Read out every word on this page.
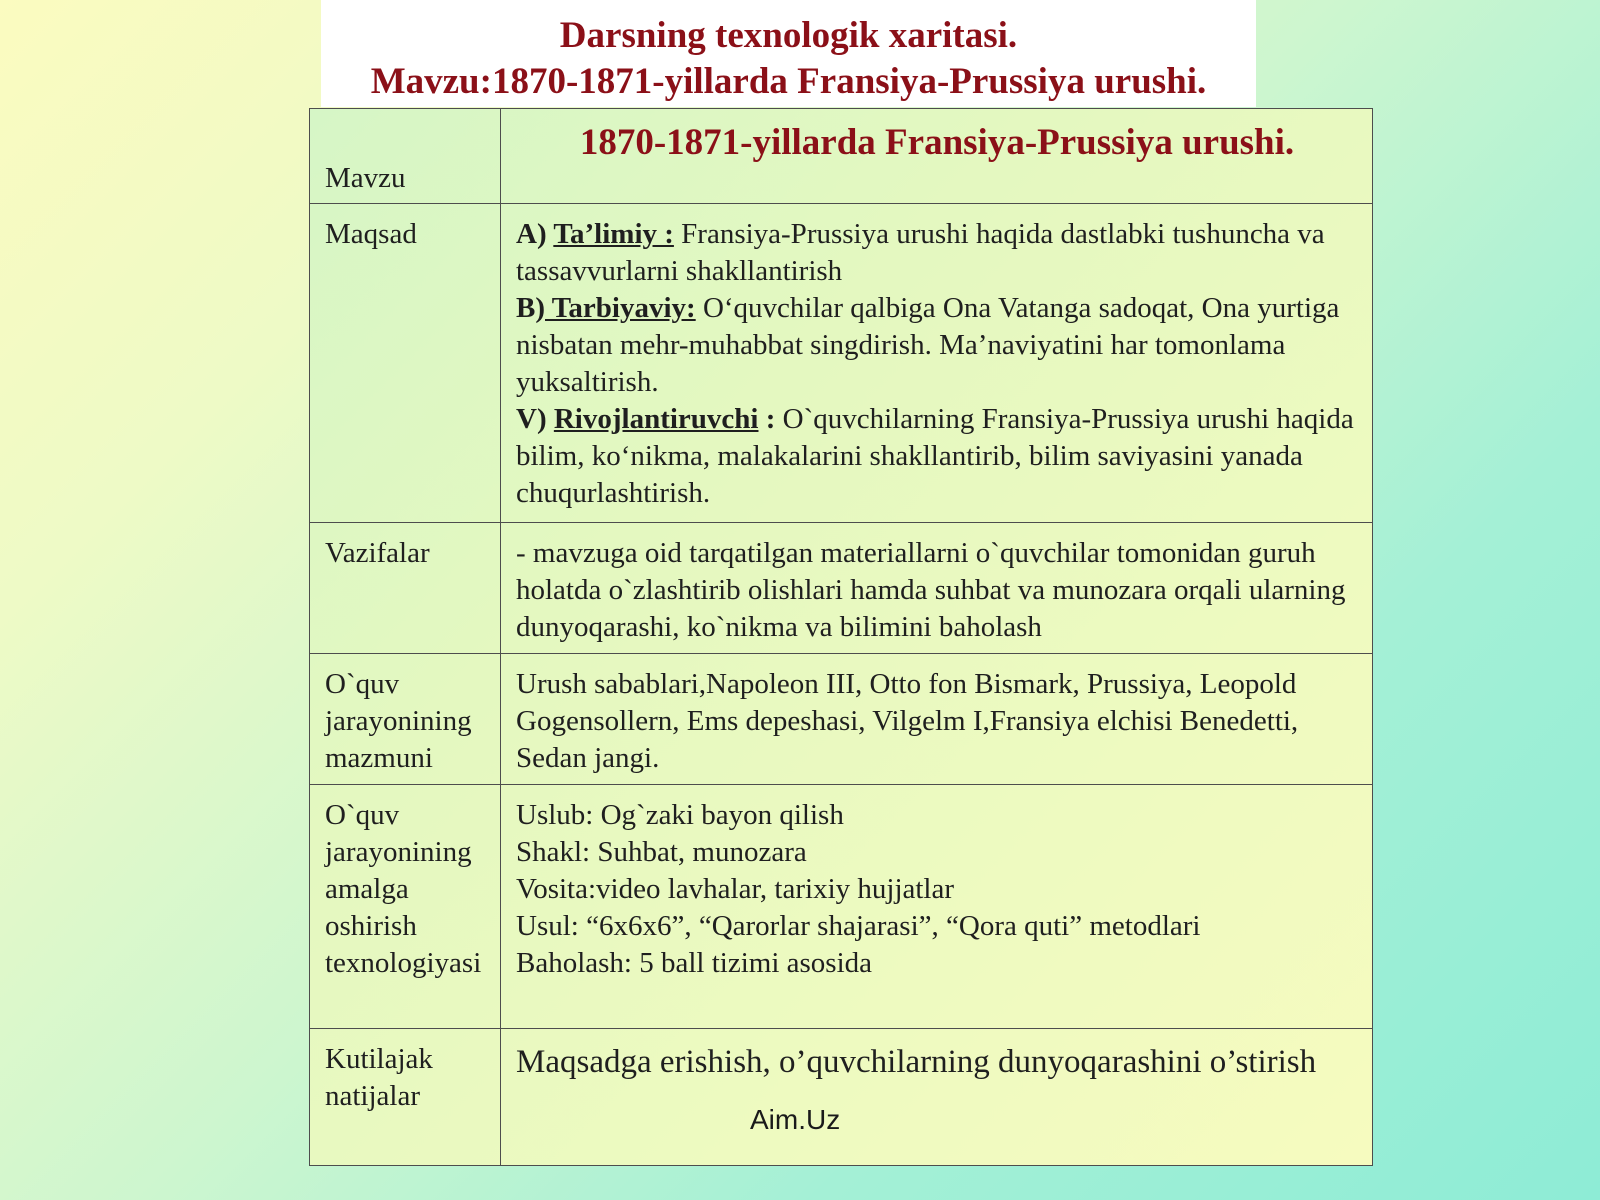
Darsning texnologik xaritasi.
Mavzu:1870-1871-yillarda Fransiya-Prussiya urushi.
Mavzu	1870-1871-yillarda Fransiya-Prussiya urushi.
Maqsad	A) Taʼlimiy : Fransiya-Prussiya urushi haqida dastlabki tushuncha va tassavvurlarni shakllantirish
B) Tarbiyaviy: Oʻquvchilar qalbiga Ona Vatanga sadoqat, Ona yurtiga nisbatan mehr-muhabbat singdirish. Maʼnaviyatini har tomonlama yuksaltirish.
V) Rivojlantiruvchi : O`quvchilarning Fransiya-Prussiya urushi haqida bilim, koʻnikma, malakalarini shakllantirib, bilim saviyasini yanada chuqurlashtirish.
Vazifalar	- mavzuga oid tarqatilgan materiallarni o`quvchilar tomonidan guruh holatda o`zlashtirib olishlari hamda suhbat va munozara orqali ularning dunyoqarashi, ko`nikma va bilimini baholash
O`quv jarayonining mazmuni	Urush sabablari,Napoleon III, Otto fon Bismark, Prussiya, Leopold Gogensollern, Ems depeshasi, Vilgelm I,Fransiya elchisi Benedetti, Sedan jangi.
O`quv jarayonining amalga oshirish texnologiyasi	Uslub: Og`zaki bayon qilish
Shakl: Suhbat, munozara
Vosita:video lavhalar, tarixiy hujjatlar
Usul: “6x6x6”, “Qarorlar shajarasi”, “Qora quti” metodlari
Baholash: 5 ball tizimi asosida

Kutilajak natijalar	Maqsadga erishish, o’quvchilarning dunyoqarashini o’stirish
Aim.Uz
